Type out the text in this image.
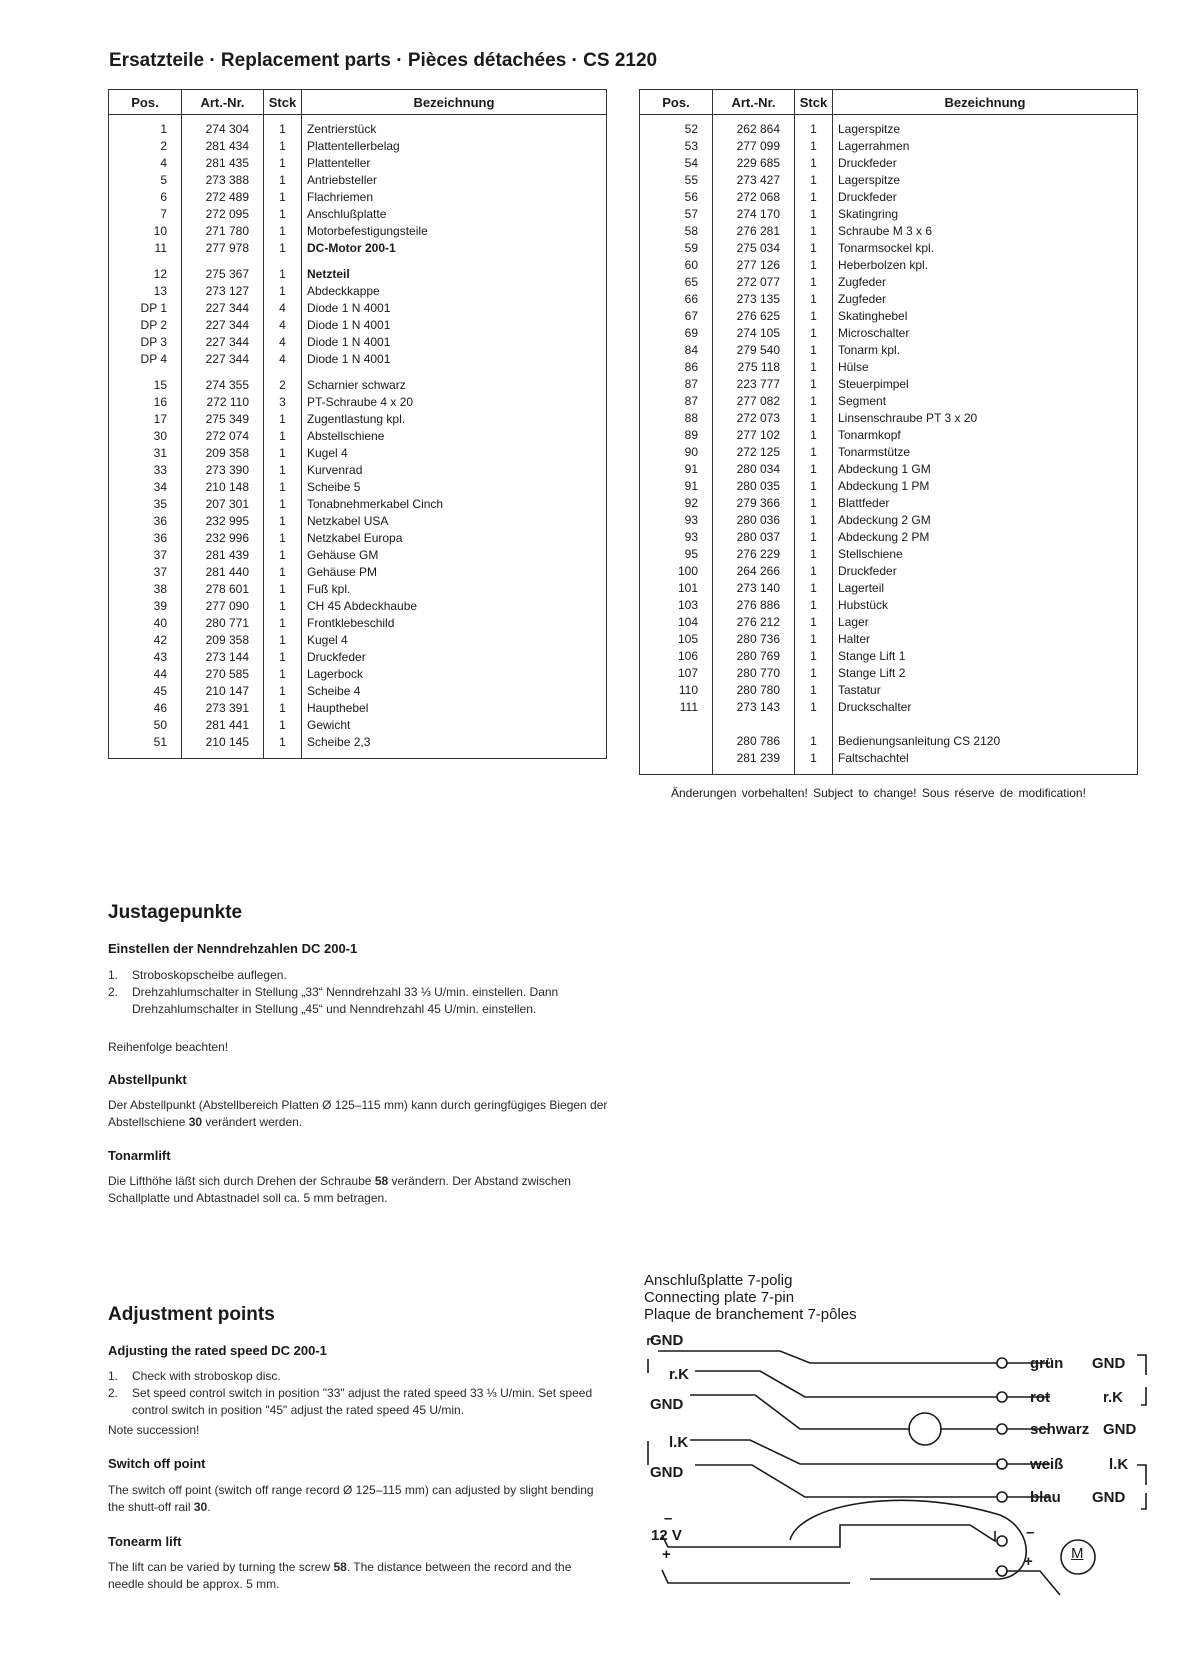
Ersatzteile · Replacement parts · Pièces détachées · CS 2120
Pos.	Art.-Nr.	Stck	Bezeichnung
1	274 304	1	Zentrierstück
2	281 434	1	Plattentellerbelag
4	281 435	1	Plattenteller
5	273 388	1	Antriebsteller
6	272 489	1	Flachriemen
7	272 095	1	Anschlußplatte
10	271 780	1	Motorbefestigungsteile
11	277 978	1	DC-Motor 200-1

12	275 367	1	Netzteil
13	273 127	1	Abdeckkappe
DP 1	227 344	4	Diode 1 N 4001
DP 2	227 344	4	Diode 1 N 4001
DP 3	227 344	4	Diode 1 N 4001
DP 4	227 344	4	Diode 1 N 4001

15	274 355	2	Scharnier schwarz
16	272 110	3	PT-Schraube 4 x 20
17	275 349	1	Zugentlastung kpl.
30	272 074	1	Abstellschiene
31	209 358	1	Kugel 4
33	273 390	1	Kurvenrad
34	210 148	1	Scheibe 5
35	207 301	1	Tonabnehmerkabel Cinch
36	232 995	1	Netzkabel USA
36	232 996	1	Netzkabel Europa
37	281 439	1	Gehäuse GM
37	281 440	1	Gehäuse PM
38	278 601	1	Fuß kpl.
39	277 090	1	CH 45 Abdeckhaube
40	280 771	1	Frontklebeschild
42	209 358	1	Kugel 4
43	273 144	1	Druckfeder
44	270 585	1	Lagerbock
45	210 147	1	Scheibe 4
46	273 391	1	Haupthebel
50	281 441	1	Gewicht
51	210 145	1	Scheibe 2,3
Pos.	Art.-Nr.	Stck	Bezeichnung
52	262 864	1	Lagerspitze
53	277 099	1	Lagerrahmen
54	229 685	1	Druckfeder
55	273 427	1	Lagerspitze
56	272 068	1	Druckfeder
57	274 170	1	Skatingring
58	276 281	1	Schraube M 3 x 6
59	275 034	1	Tonarmsockel kpl.
60	277 126	1	Heberbolzen kpl.
65	272 077	1	Zugfeder
66	273 135	1	Zugfeder
67	276 625	1	Skatinghebel
69	274 105	1	Microschalter
84	279 540	1	Tonarm kpl.
86	275 118	1	Hülse
87	223 777	1	Steuerpimpel
87	277 082	1	Segment
88	272 073	1	Linsenschraube PT 3 x 20
89	277 102	1	Tonarmkopf
90	272 125	1	Tonarmstütze
91	280 034	1	Abdeckung 1 GM
91	280 035	1	Abdeckung 1 PM
92	279 366	1	Blattfeder
93	280 036	1	Abdeckung 2 GM
93	280 037	1	Abdeckung 2 PM
95	276 229	1	Stellschiene
100	264 266	1	Druckfeder
101	273 140	1	Lagerteil
103	276 886	1	Hubstück
104	276 212	1	Lager
105	280 736	1	Halter
106	280 769	1	Stange Lift 1
107	280 770	1	Stange Lift 2
110	280 780	1	Tastatur
111	273 143	1	Druckschalter

	280 786	1	Bedienungsanleitung CS 2120
	281 239	1	Faltschachtel
Änderungen vorbehalten! Subject to change! Sous réserve de modification!
Justagepunkte
Einstellen der Nenndrehzahlen DC 200-1
1. Stroboskopscheibe auflegen.
2. Drehzahlumschalter in Stellung „33“ Nenndrehzahl 33 ⅓ U/min. einstellen. Dann Drehzahlumschalter in Stellung „45“ und Nenndrehzahl 45 U/min. einstellen.
Reihenfolge beachten!
Abstellpunkt
Der Abstellpunkt (Abstellbereich Platten Ø 125–115 mm) kann durch geringfügiges Biegen der Abstellschiene 30 verändert werden.
Tonarmlift
Die Lifthöhe läßt sich durch Drehen der Schraube 58 verändern. Der Abstand zwischen Schallplatte und Abtastnadel soll ca. 5 mm betragen.
Adjustment points
Adjusting the rated speed DC 200-1
1. Check with stroboskop disc.
2. Set speed control switch in position "33" adjust the rated speed 33 ⅓ U/min. Set speed control switch in position "45" adjust the rated speed 45 U/min.
Note succession!
Switch off point
The switch off point (switch off range record Ø 125–115 mm) can adjusted by slight bending the shutt-off rail 30.
Tonearm lift
The lift can be varied by turning the screw 58. The distance between the record and the needle should be approx. 5 mm.
Anschlußplatte 7-polig
Connecting plate 7-pin
Plaque de branchement 7-pôles
GND
r.K
GND
l.K
GND
–
12 V
+
grün
rot
schwarz
weiß
blau
GND
r.K
GND
l.K
GND
–
+	M
